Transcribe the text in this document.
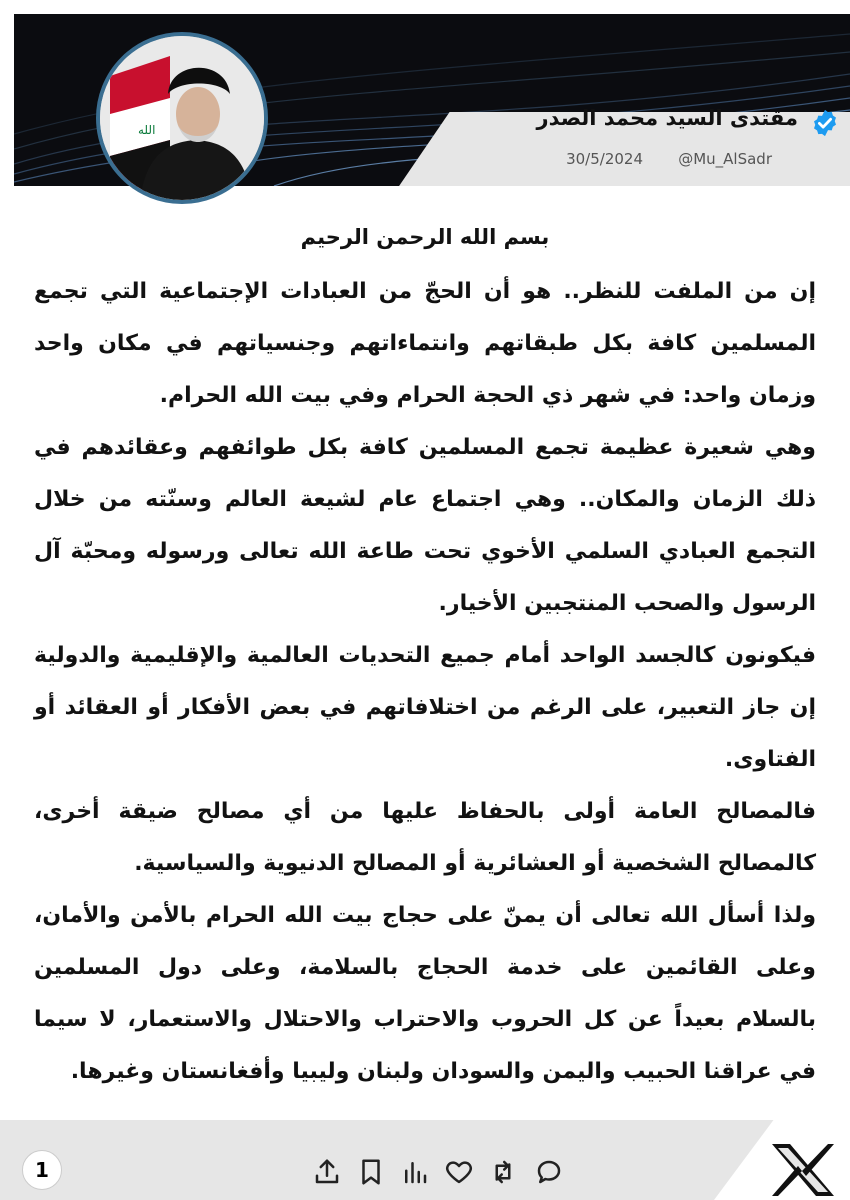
الله	مقتدى السيد محمد الصدر
@Mu_AlSadr
30/5/2024

بسم الله الرحمن الرحيم

إن من الملفت للنظر.. هو أن الحجّ من العبادات الإجتماعية التي تجمع المسلمين كافة بكل طبقاتهم وانتماءاتهم وجنسياتهم في مكان واحد وزمان واحد: في شهر ذي الحجة الحرام وفي بيت الله الحرام.

وهي شعيرة عظيمة تجمع المسلمين كافة بكل طوائفهم وعقائدهم في ذلك الزمان والمكان.. وهي اجتماع عام لشيعة العالم وسنّته من خلال التجمع العبادي السلمي الأخوي تحت طاعة الله تعالى ورسوله ومحبّة آل الرسول والصحب المنتجبين الأخيار.

فيكونون كالجسد الواحد أمام جميع التحديات العالمية والإقليمية والدولية إن جاز التعبير، على الرغم من اختلافاتهم في بعض الأفكار أو العقائد أو الفتاوى.

فالمصالح العامة أولى بالحفاظ عليها من أي مصالح ضيقة أخرى، كالمصالح الشخصية أو العشائرية أو المصالح الدنيوية والسياسية.

ولذا أسأل الله تعالى أن يمنّ على حجاج بيت الله الحرام بالأمن والأمان، وعلى القائمين على خدمة الحجاج بالسلامة، وعلى دول المسلمين بالسلام بعيداً عن كل الحروب والاحتراب والاحتلال والاستعمار، لا سيما في عراقنا الحبيب واليمن والسودان ولبنان وليبيا وأفغانستان وغيرها.

1
